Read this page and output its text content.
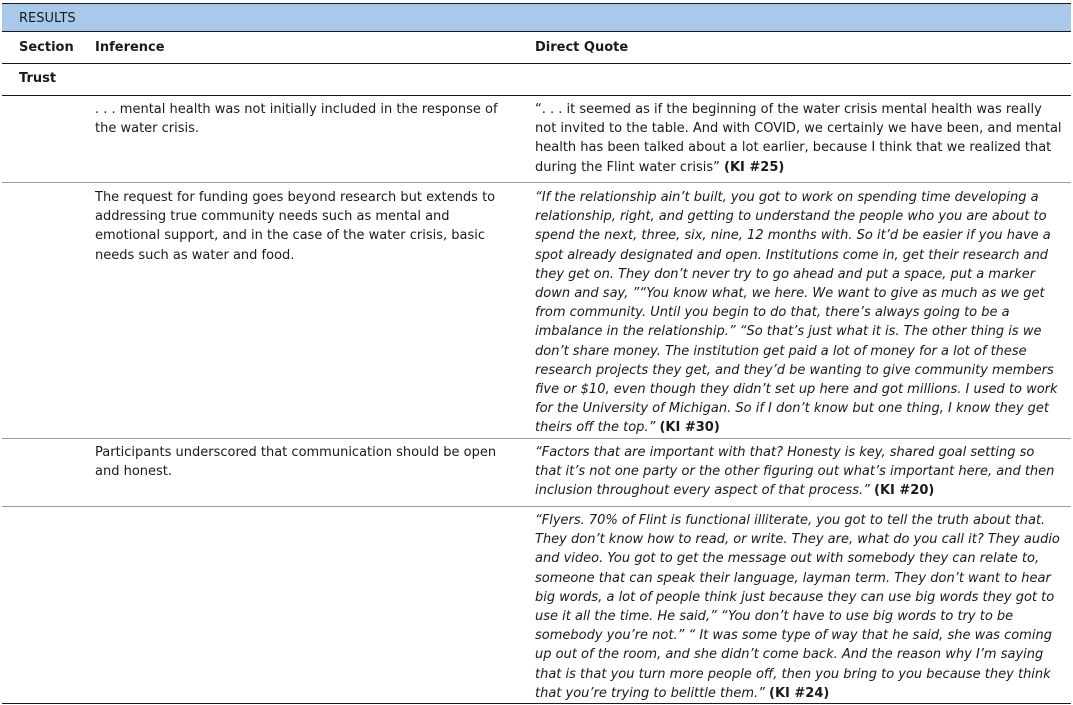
RESULTS
Section Inference	Direct Quote
Trust
. . . mental health was not initially included in the response of the water crisis.
“. . . it seemed as if the beginning of the water crisis mental health was really not invited to the table. And with COVID, we certainly we have been, and mental health has been talked about a lot earlier, because I think that we realized that during the Flint water crisis” (KI #25)
The request for funding goes beyond research but extends to addressing true community needs such as mental and emotional support, and in the case of the water crisis, basic needs such as water and food.
“If the relationship ain’t built, you got to work on spending time developing a relationship, right, and getting to understand the people who you are about to spend the next, three, six, nine, 12 months with. So it’d be easier if you have a spot already designated and open. Institutions come in, get their research and they get on. They don’t never try to go ahead and put a space, put a marker down and say, ”“You know what, we here. We want to give as much as we get from community. Until you begin to do that, there’s always going to be a imbalance in the relationship.” “So that’s just what it is. The other thing is we don’t share money. The institution get paid a lot of money for a lot of these research projects they get, and they’d be wanting to give community members five or $10, even though they didn’t set up here and got millions. I used to work for the University of Michigan. So if I don’t know but one thing, I know they get theirs off the top.” (KI #30)
Participants underscored that communication should be open and honest.
“Factors that are important with that? Honesty is key, shared goal setting so that it’s not one party or the other figuring out what’s important here, and then inclusion throughout every aspect of that process.” (KI #20)
“Flyers. 70% of Flint is functional illiterate, you got to tell the truth about that. They don’t know how to read, or write. They are, what do you call it? They audio and video. You got to get the message out with somebody they can relate to, someone that can speak their language, layman term. They don’t want to hear big words, a lot of people think just because they can use big words they got to use it all the time. He said,” “You don’t have to use big words to try to be somebody you’re not.” “ It was some type of way that he said, she was coming up out of the room, and she didn’t come back. And the reason why I’m saying that is that you turn more people off, then you bring to you because they think that you’re trying to belittle them.” (KI #24)
